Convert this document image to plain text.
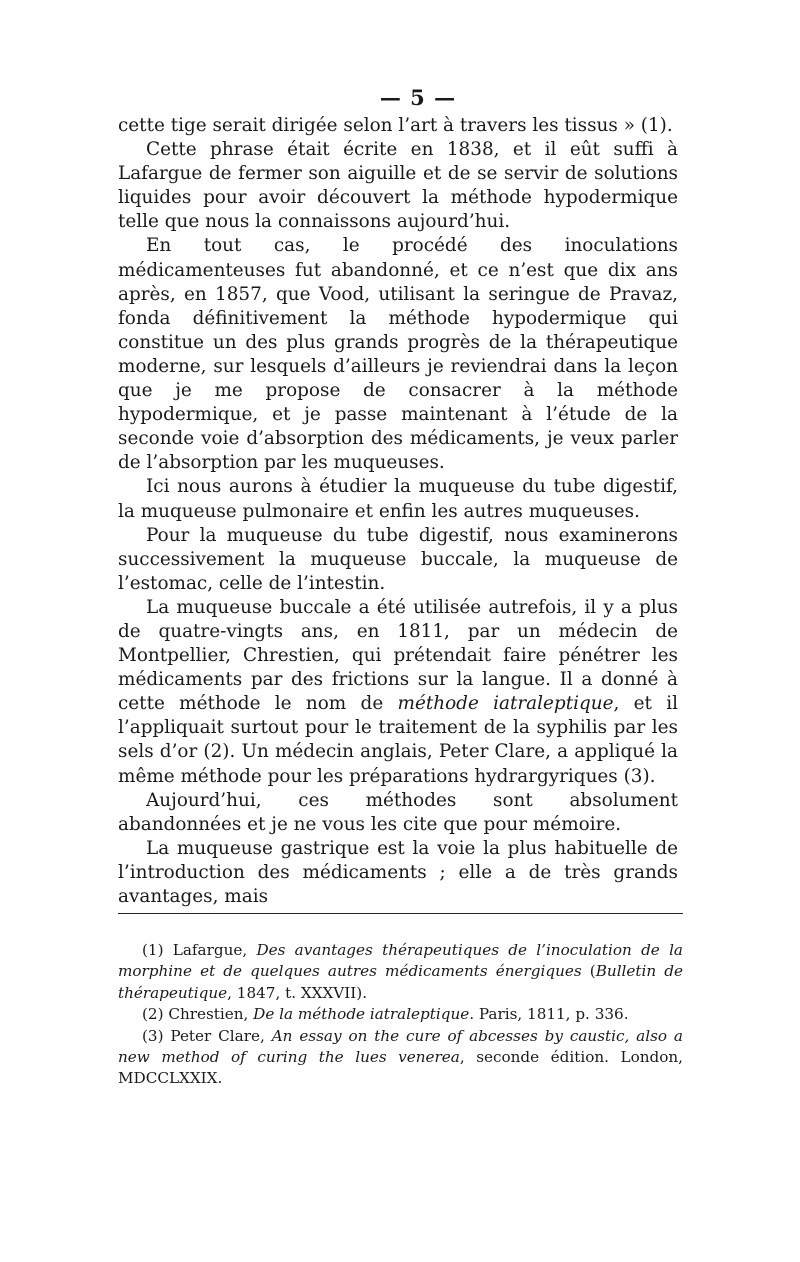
— 5 —

cette tige serait dirigée selon l’art à travers les tissus » (1).

Cette phrase était écrite en 1838, et il eût suffi à Lafargue de fermer son aiguille et de se servir de solutions liquides pour avoir découvert la méthode hypodermique telle que nous la connaissons aujourd’hui.

En tout cas, le procédé des inoculations médicamenteuses fut abandonné, et ce n’est que dix ans après, en 1857, que Vood, utilisant la seringue de Pravaz, fonda définitivement la méthode hypodermique qui constitue un des plus grands progrès de la thérapeutique moderne, sur lesquels d’ailleurs je reviendrai dans la leçon que je me propose de consacrer à la méthode hypodermique, et je passe maintenant à l’étude de la seconde voie d’absorption des médicaments, je veux parler de l’absorption par les muqueuses.

Ici nous aurons à étudier la muqueuse du tube digestif, la muqueuse pulmonaire et enfin les autres muqueuses.

Pour la muqueuse du tube digestif, nous examinerons successivement la muqueuse buccale, la muqueuse de l’estomac, celle de l’intestin.

La muqueuse buccale a été utilisée autrefois, il y a plus de quatre-vingts ans, en 1811, par un médecin de Montpellier, Chrestien, qui prétendait faire pénétrer les médicaments par des frictions sur la langue. Il a donné à cette méthode le nom de méthode iatraleptique, et il l’appliquait surtout pour le traitement de la syphilis par les sels d’or (2). Un médecin anglais, Peter Clare, a appliqué la même méthode pour les préparations hydrargyriques (3).

Aujourd’hui, ces méthodes sont absolument abandonnées et je ne vous les cite que pour mémoire.

La muqueuse gastrique est la voie la plus habituelle de l’introduction des médicaments ; elle a de très grands avantages, mais

(1) Lafargue, Des avantages thérapeutiques de l’inoculation de la morphine et de quelques autres médicaments énergiques (Bulletin de thérapeutique, 1847, t. XXXVII).

(2) Chrestien, De la méthode iatraleptique. Paris, 1811, p. 336.

(3) Peter Clare, An essay on the cure of abcesses by caustic, also a new method of curing the lues venerea, seconde édition. London, MDCCLXXIX.
